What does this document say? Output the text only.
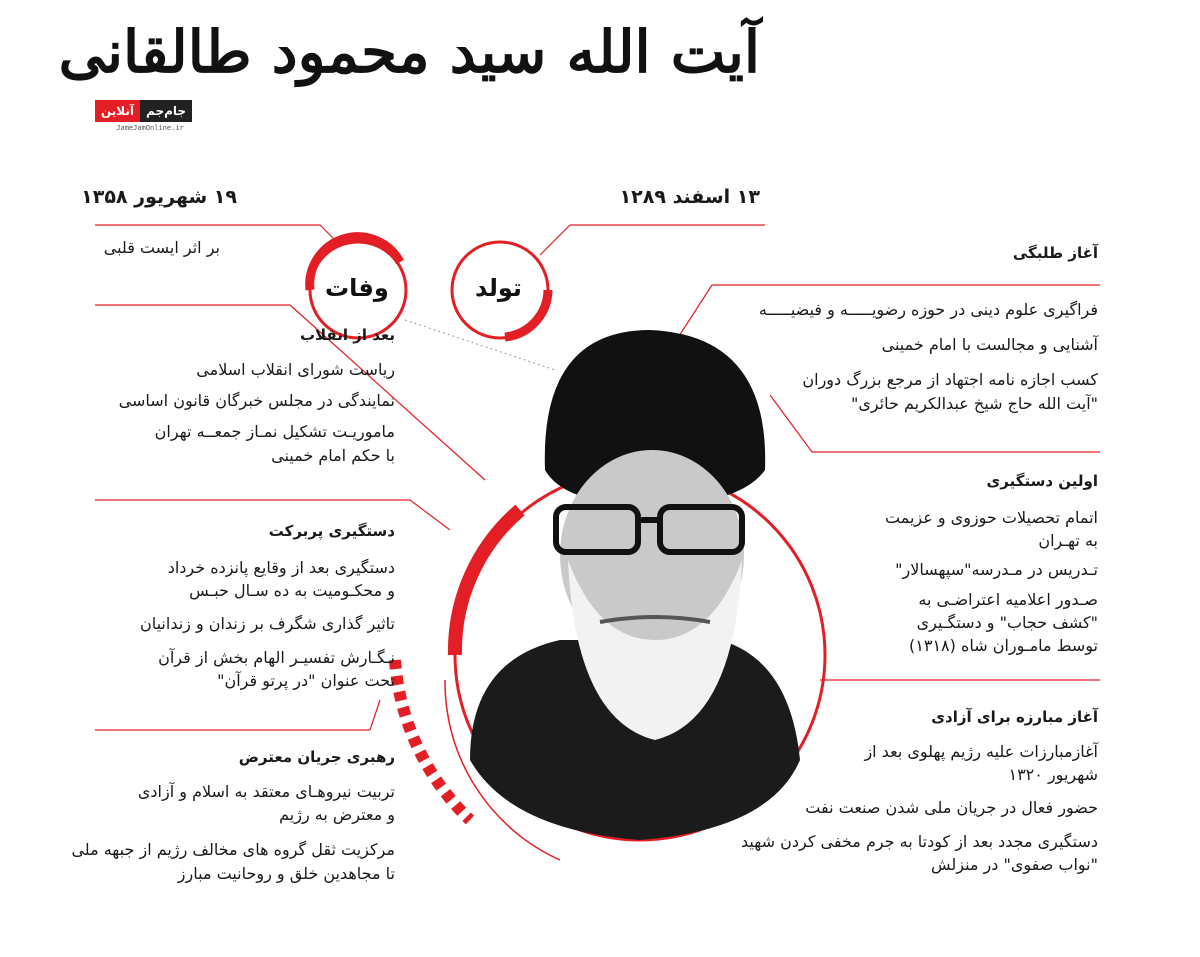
آیت الله سید محمود طالقانی
آنلاین	جام‌جم
JameJamOnline.ir
تولد
وفات
۱۳ اسفند ۱۲۸۹
۱۹ شهریور ۱۳۵۸
بر اثر ایست قلبی	آغاز طلبگی
فراگیری علوم دینی در حوزه رضویـــــه و فیضیـــــه
آشنایی و مجالست با امام خمینی
کسب اجازه نامه اجتهاد از مرجع بزرگ دوران
"آیت الله حاج شیخ عبدالکریم حائری"
اولین دستگیری
اتمام تحصیلات حوزوی و عزیمت
به تهـران
تـدریس در مـدرسه"سپهسالار"
صـدور اعلامیه اعتراضـی به
"کشف حجاب" و دستگـیری
توسط مامـوران شاه (۱۳۱۸)
آغاز مبارزه برای آزادی
آغازمبارزات علیه رژیم پهلوی بعد از
شهریور ۱۳۲۰
حضور فعال در جریان ملی شدن صنعت نفت
دستگیری مجدد بعد از کودتا به جرم مخفی کردن شهید
"نواب صفوی" در منزلش
بعد از انقلاب
ریاست شورای انقلاب اسلامی
نمایندگی در مجلس خبرگان قانون اساسی
ماموریـت تشکیل نمـاز جمعــه تهران
با حکم امام خمینی
دستگیری پربرکت
دستگیری بعد از وقایع پانزده خرداد
و محکـومیت به ده سـال حبـس
تاثیر گذاری شگرف بر زندان و زندانیان
نـگـارش تفسیـر الهام بخش از قرآن
تحت عنوان "در پرتو قرآن"
رهبری جریان معترض
تربیت نیروهـای معتقد به اسلام و آزادی
و معترض به رژیم
مرکزیت ثقل گروه های مخالف رژیم از جبهه ملی
تا مجاهدین خلق و روحانیت مبارز
